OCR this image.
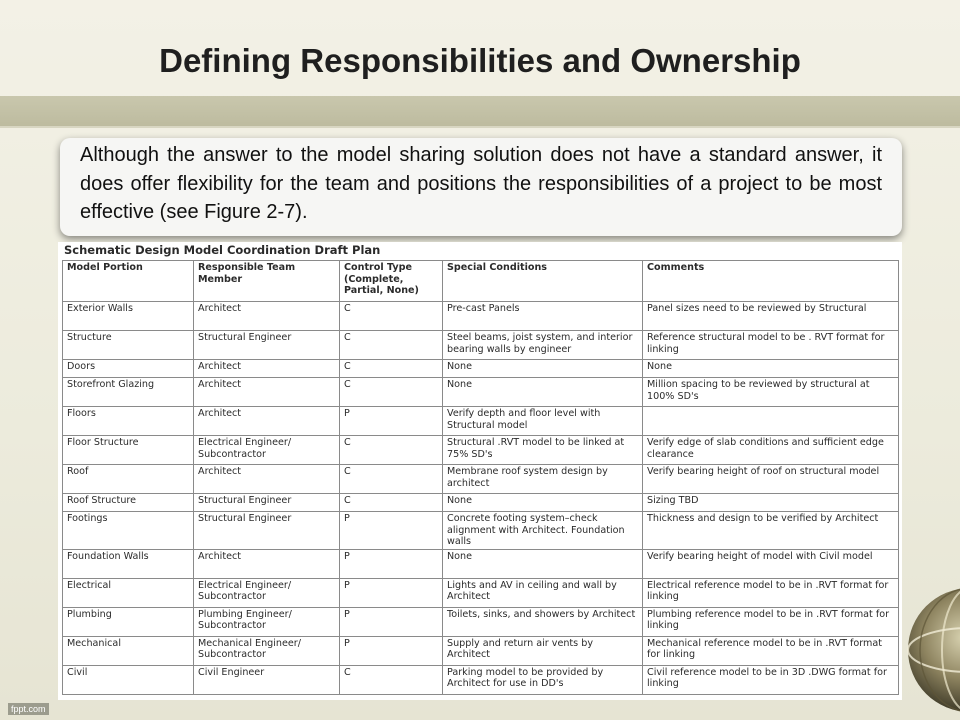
Defining Responsibilities and Ownership
Although the answer to the model sharing solution does not have a standard answer, it does offer flexibility for the team and positions the responsibilities of a project to be most effective (see Figure 2-7).
Schematic Design Model Coordination Draft Plan
Model Portion	Responsible Team Member	Control Type (Complete, Partial, None)	Special Conditions	Comments
Exterior Walls	Architect	C	Pre-cast Panels	Panel sizes need to be reviewed by Structural
Structure	Structural Engineer	C	Steel beams, joist system, and interior bearing walls by engineer	Reference structural model to be . RVT format for linking
Doors	Architect	C	None	None
Storefront Glazing	Architect	C	None	Million spacing to be reviewed by structural at 100% SD's
Floors	Architect	P	Verify depth and floor level with Structural model	
Floor Structure	Electrical Engineer/ Subcontractor	C	Structural .RVT model to be linked at 75% SD's	Verify edge of slab conditions and sufficient edge clearance
Roof	Architect	C	Membrane roof system design by architect	Verify bearing height of roof on structural model
Roof Structure	Structural Engineer	C	None	Sizing TBD
Footings	Structural Engineer	P	Concrete footing system–check alignment with Architect. Foundation walls	Thickness and design to be verified by Architect
Foundation Walls	Architect	P	None	Verify bearing height of model with Civil model
Electrical	Electrical Engineer/ Subcontractor	P	Lights and AV in ceiling and wall by Architect	Electrical reference model to be in .RVT format for linking
Plumbing	Plumbing Engineer/ Subcontractor	P	Toilets, sinks, and showers by Architect	Plumbing reference model to be in .RVT format for linking
Mechanical	Mechanical Engineer/ Subcontractor	P	Supply and return air vents by Architect	Mechanical reference model to be in .RVT format for linking
Civil	Civil Engineer	C	Parking model to be provided by Architect for use in DD's	Civil reference model to be in 3D .DWG format for linking
fppt.com
